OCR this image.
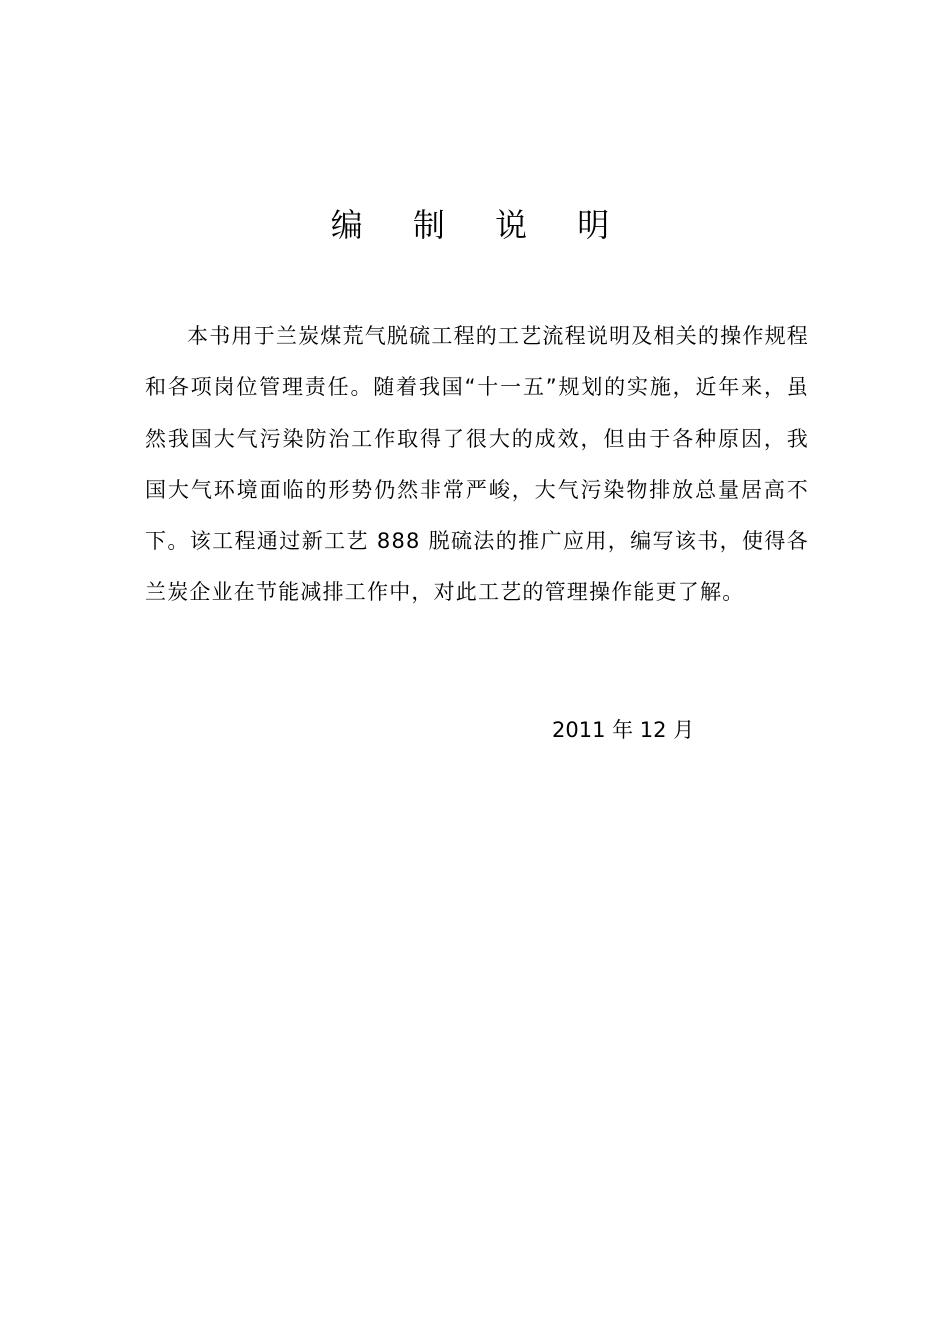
编 制 说 明

本书用于兰炭煤荒气脱硫工程的工艺流程说明及相关的操作规程和各项岗位管理责任。随着我国“十一五”规划的实施，近年来，虽然我国大气污染防治工作取得了很大的成效，但由于各种原因，我国大气环境面临的形势仍然非常严峻，大气污染物排放总量居高不下。该工程通过新工艺 888 脱硫法的推广应用，编写该书，使得各兰炭企业在节能减排工作中，对此工艺的管理操作能更了解。

2011 年 12 月
